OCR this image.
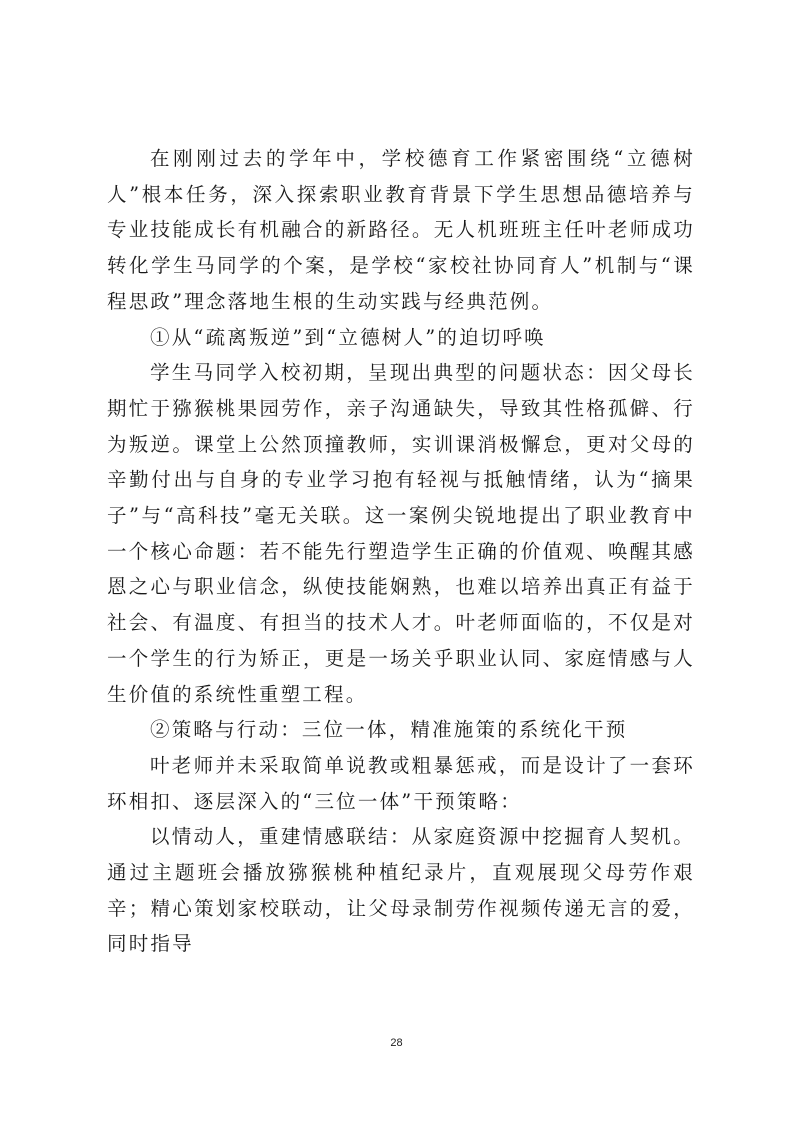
在刚刚过去的学年中，学校德育工作紧密围绕“立德树人”根本任务，深入探索职业教育背景下学生思想品德培养与专业技能成长有机融合的新路径。无人机班班主任叶老师成功转化学生马同学的个案，是学校“家校社协同育人”机制与“课程思政”理念落地生根的生动实践与经典范例。

①从“疏离叛逆”到“立德树人”的迫切呼唤

学生马同学入校初期，呈现出典型的问题状态：因父母长期忙于猕猴桃果园劳作，亲子沟通缺失，导致其性格孤僻、行为叛逆。课堂上公然顶撞教师，实训课消极懈怠，更对父母的辛勤付出与自身的专业学习抱有轻视与抵触情绪，认为“摘果子”与“高科技”毫无关联。这一案例尖锐地提出了职业教育中一个核心命题：若不能先行塑造学生正确的价值观、唤醒其感恩之心与职业信念，纵使技能娴熟，也难以培养出真正有益于社会、有温度、有担当的技术人才。叶老师面临的，不仅是对一个学生的行为矫正，更是一场关乎职业认同、家庭情感与人生价值的系统性重塑工程。

②策略与行动：三位一体，精准施策的系统化干预

叶老师并未采取简单说教或粗暴惩戒，而是设计了一套环环相扣、逐层深入的“三位一体”干预策略：

以情动人，重建情感联结：从家庭资源中挖掘育人契机。通过主题班会播放猕猴桃种植纪录片，直观展现父母劳作艰辛；精心策划家校联动，让父母录制劳作视频传递无言的爱，同时指导

28
